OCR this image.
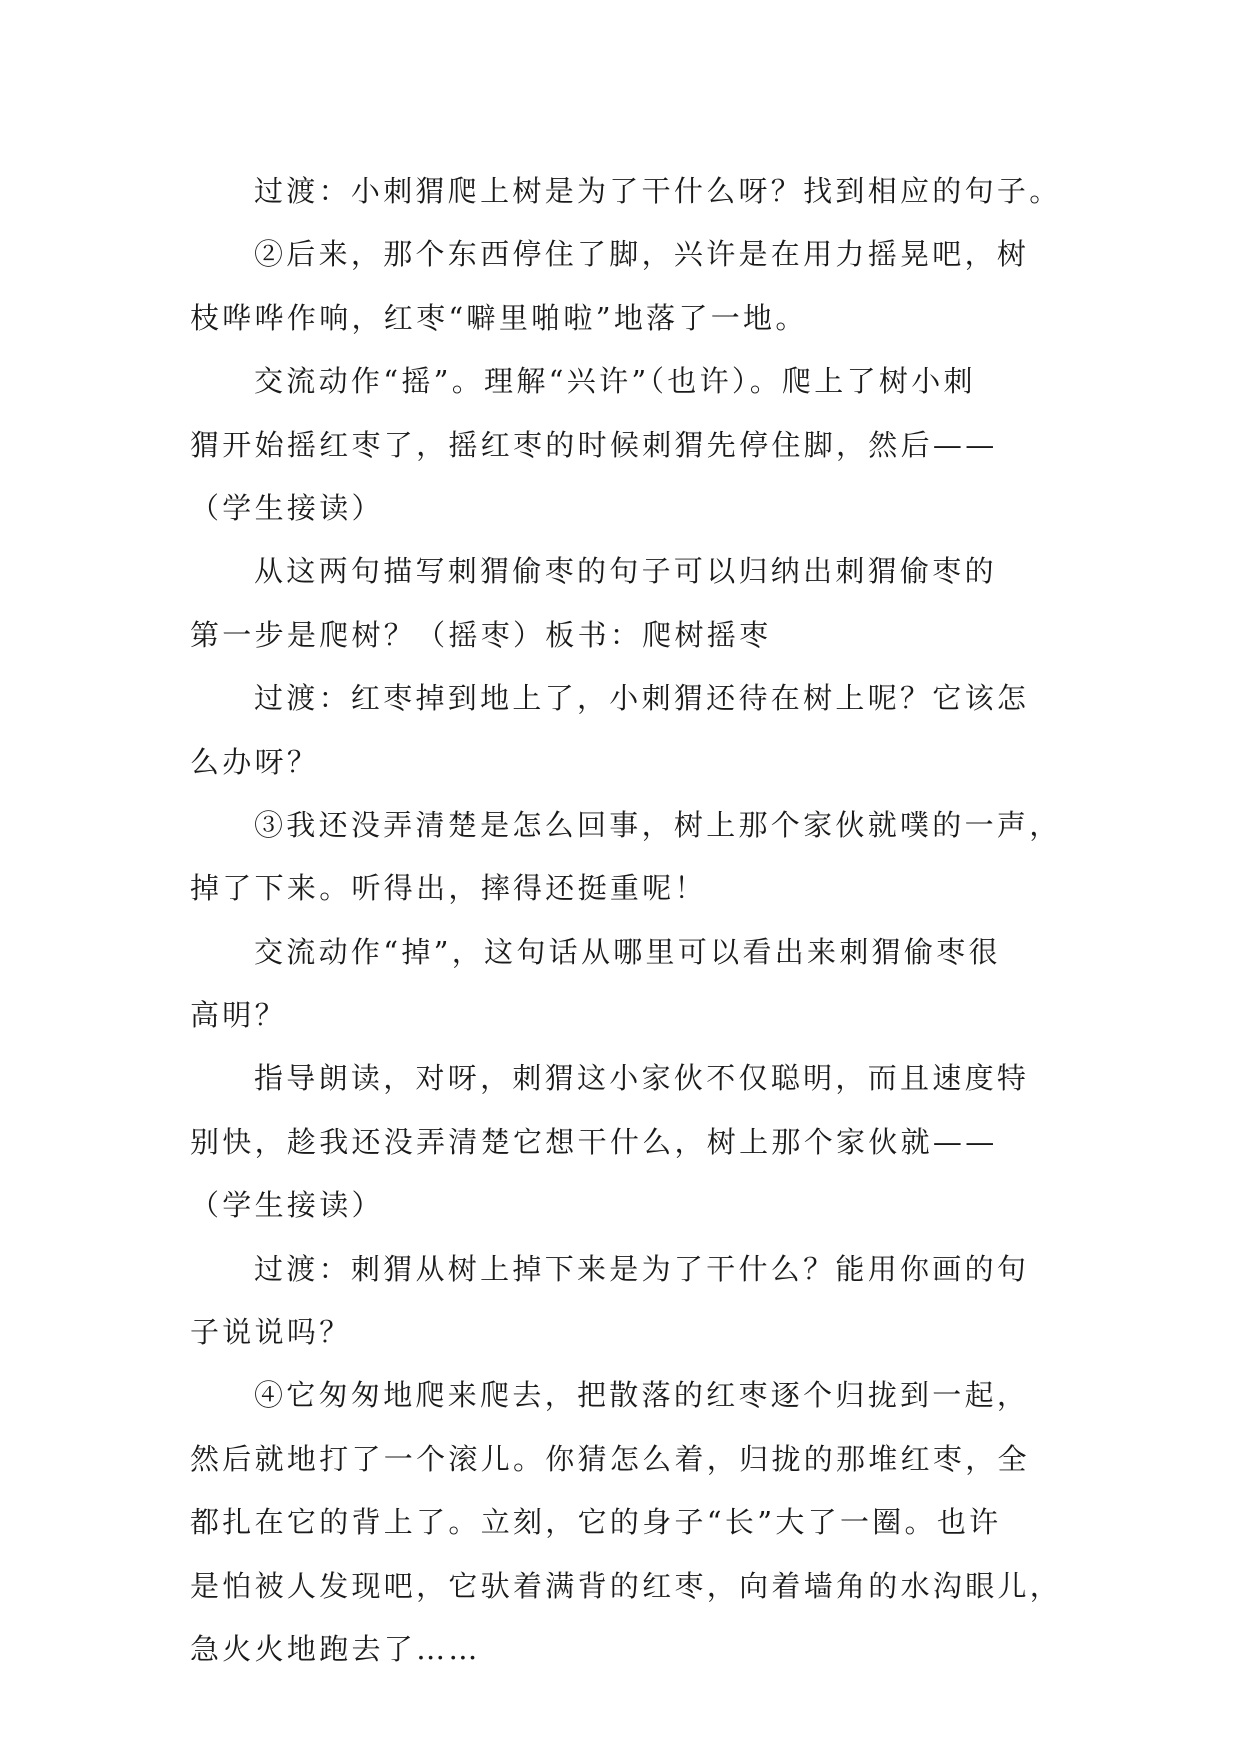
过渡：小刺猬爬上树是为了干什么呀？找到相应的句子。
②后来，那个东西停住了脚，兴许是在用力摇晃吧，树
枝哗哗作响，红枣“噼里啪啦”地落了一地。
交流动作“摇”。理解“兴许”（也许）。爬上了树小刺
猬开始摇红枣了，摇红枣的时候刺猬先停住脚，然后——
（学生接读）
从这两句描写刺猬偷枣的句子可以归纳出刺猬偷枣的
第一步是爬树？（摇枣）板书：爬树摇枣
过渡：红枣掉到地上了，小刺猬还待在树上呢？它该怎
么办呀？
③我还没弄清楚是怎么回事，树上那个家伙就噗的一声，
掉了下来。听得出，摔得还挺重呢！
交流动作“掉”，这句话从哪里可以看出来刺猬偷枣很
高明？
指导朗读，对呀，刺猬这小家伙不仅聪明，而且速度特
别快，趁我还没弄清楚它想干什么，树上那个家伙就——
（学生接读）
过渡：刺猬从树上掉下来是为了干什么？能用你画的句
子说说吗？
④它匆匆地爬来爬去，把散落的红枣逐个归拢到一起，
然后就地打了一个滚儿。你猜怎么着，归拢的那堆红枣，全
都扎在它的背上了。立刻，它的身子“长”大了一圈。也许
是怕被人发现吧，它驮着满背的红枣，向着墙角的水沟眼儿，
急火火地跑去了……
